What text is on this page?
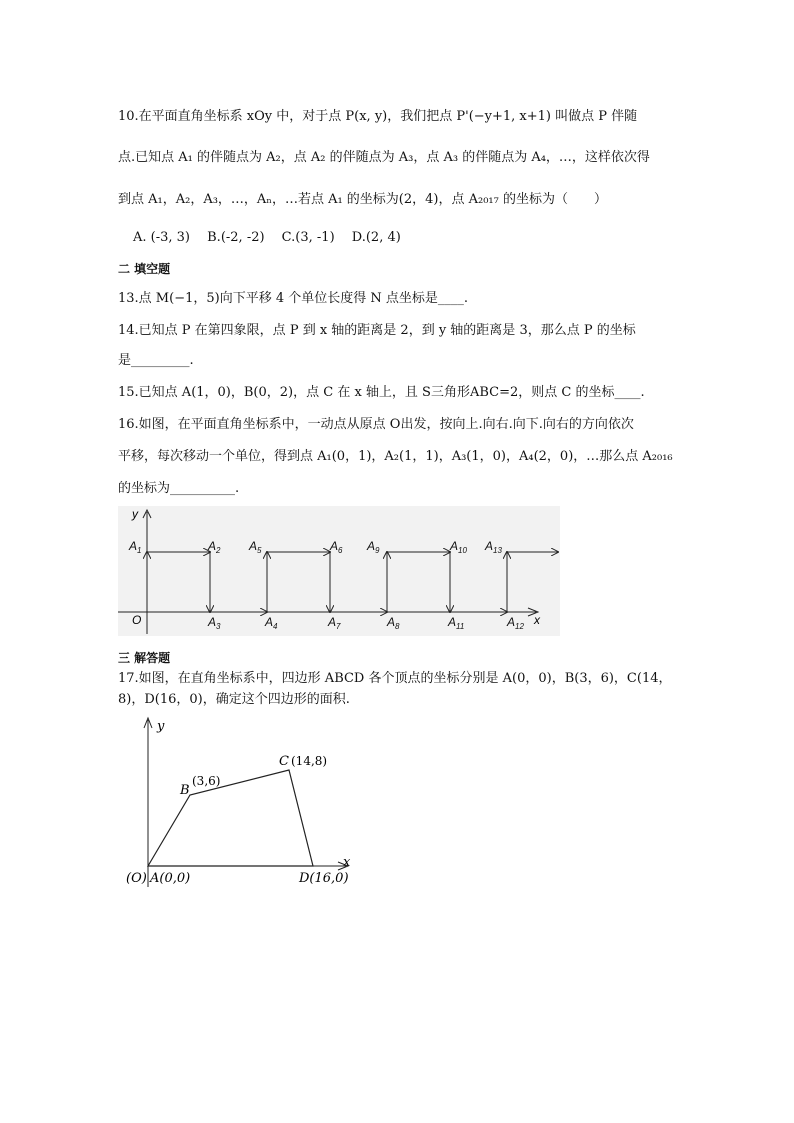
10.在平面直角坐标系 xOy 中，对于点 P(x, y)，我们把点 P'(−y+1, x+1) 叫做点 P 伴随
点.已知点 A₁ 的伴随点为 A₂，点 A₂ 的伴随点为 A₃，点 A₃ 的伴随点为 A₄，…，这样依次得
到点 A₁，A₂，A₃，…，Aₙ，…若点 A₁ 的坐标为(2，4)，点 A₂₀₁₇ 的坐标为（　　）
A. (-3, 3)　 B.(-2, -2)　 C.(3, -1)　 D.(2, 4)
二 填空题
13.点 M(−1，5)向下平移 4 个单位长度得 N 点坐标是____.
14.已知点 P 在第四象限，点 P 到 x 轴的距离是 2，到 y 轴的距离是 3，那么点 P 的坐标
是_________.
15.已知点 A(1，0)，B(0，2)，点 C 在 x 轴上，且 S三角形ABC=2，则点 C 的坐标____.
16.如图，在平面直角坐标系中，一动点从原点 O出发，按向上.向右.向下.向右的方向依次
平移，每次移动一个单位，得到点 A₁(0，1)，A₂(1，1)，A₃(1，0)，A₄(2，0)，…那么点 A₂₀₁₆
的坐标为__________.
y
x
O
$A_1$	$A_2$
$A_3$	$A_4$
$A_5$	$A_6$
$A_7$	$A_8$
$A_9$	$A_{10}$
$A_{11}$	$A_{12}$
$A_{13}$
三 解答题
17.如图，在直角坐标系中，四边形 ABCD 各个顶点的坐标分别是 A(0，0)，B(3，6)，C(14，
8)，D(16，0)，确定这个四边形的面积.
y
x
(O) A(0,0)
B
(3,6)
C (14,8)
D(16,0)
